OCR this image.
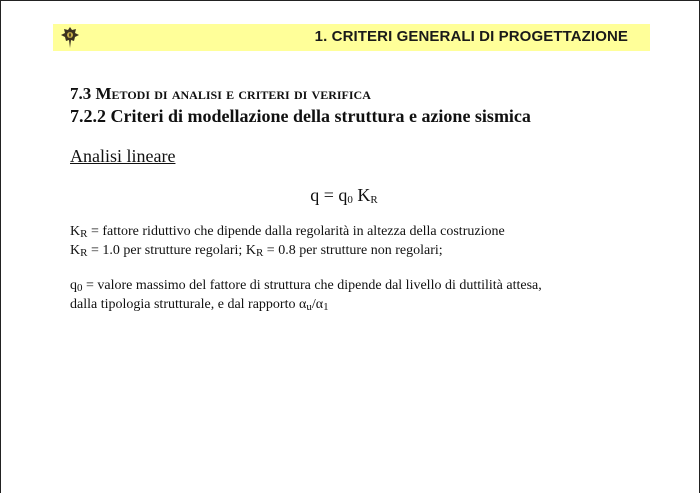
1. CRITERI GENERALI DI PROGETTAZIONE
7.3 Metodi di analisi e criteri di verifica
7.2.2 Criteri di modellazione della struttura e azione sismica
Analisi lineare
q = q0 KR
KR = fattore riduttivo che dipende dalla regolarità in altezza della costruzione
KR = 1.0 per strutture regolari; KR = 0.8 per strutture non regolari;
q0 = valore massimo del fattore di struttura che dipende dal livello di duttilità attesa,
dalla tipologia strutturale, e dal rapporto αu/α1
